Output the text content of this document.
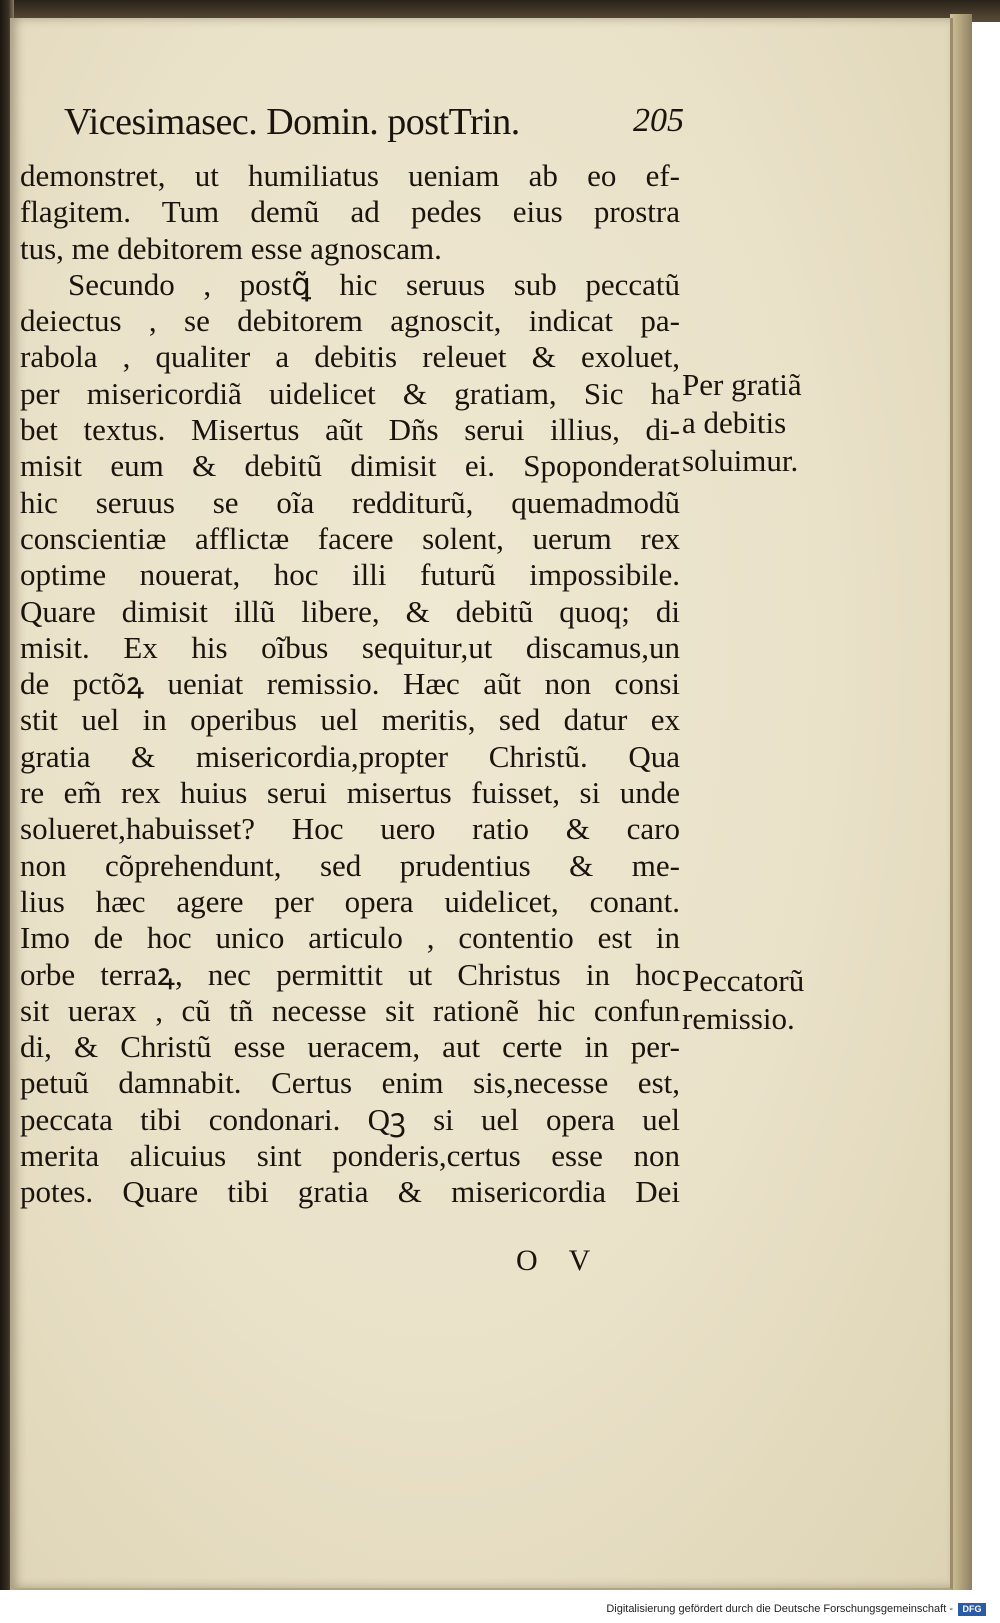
Vicesimasec. Domin. postTrin.	205
demonstret, ut humiliatus ueniam ab eo ef-
flagitem. Tum demũ ad pedes eius prostra
tus, me debitorem esse agnoscam.
Secundo , postꝗ͂ hic seruus sub peccatũ
deiectus , se debitorem agnoscit, indicat pa-
rabola , qualiter a debitis releuet & exoluet,
per misericordiã uidelicet & gratiam, Sic ha
bet textus. Misertus aũt Dñs serui illius, di-
misit eum & debitũ dimisit ei. Spoponderat
hic seruus se oĩa redditurũ, quemadmodũ
conscientiæ afflictæ facere solent, uerum rex
optime nouerat, hoc illi futurũ impossibile.
Quare dimisit illũ libere, & debitũ quoq; di
misit. Ex his oĩbus sequitur,ut discamus,un
de pctõꝝ ueniat remissio. Hæc aũt non consi
stit uel in operibus uel meritis, sed datur ex
gratia & misericordia,propter Christũ. Qua
re em̃ rex huius serui misertus fuisset, si unde
solueret,habuisset? Hoc uero ratio & caro
non cõprehendunt, sed prudentius & me-
lius hæc agere per opera uidelicet, conant.
Imo de hoc unico articulo , contentio est in
orbe terraꝝ, nec permittit ut Christus in hoc
sit uerax , cũ tñ necesse sit rationẽ hic confun
di, & Christũ esse ueracem, aut certe in per-
petuũ damnabit. Certus enim sis,necesse est,
peccata tibi condonari. Qꝫ si uel opera uel
merita alicuius sint ponderis,certus esse non
potes. Quare tibi gratia & misericordia Dei
Per gratiã
a debitis
soluimur.
Peccatorũ
remissio.
O V
Digitalisierung gefördert durch die Deutsche Forschungsgemeinschaft -	DFG
